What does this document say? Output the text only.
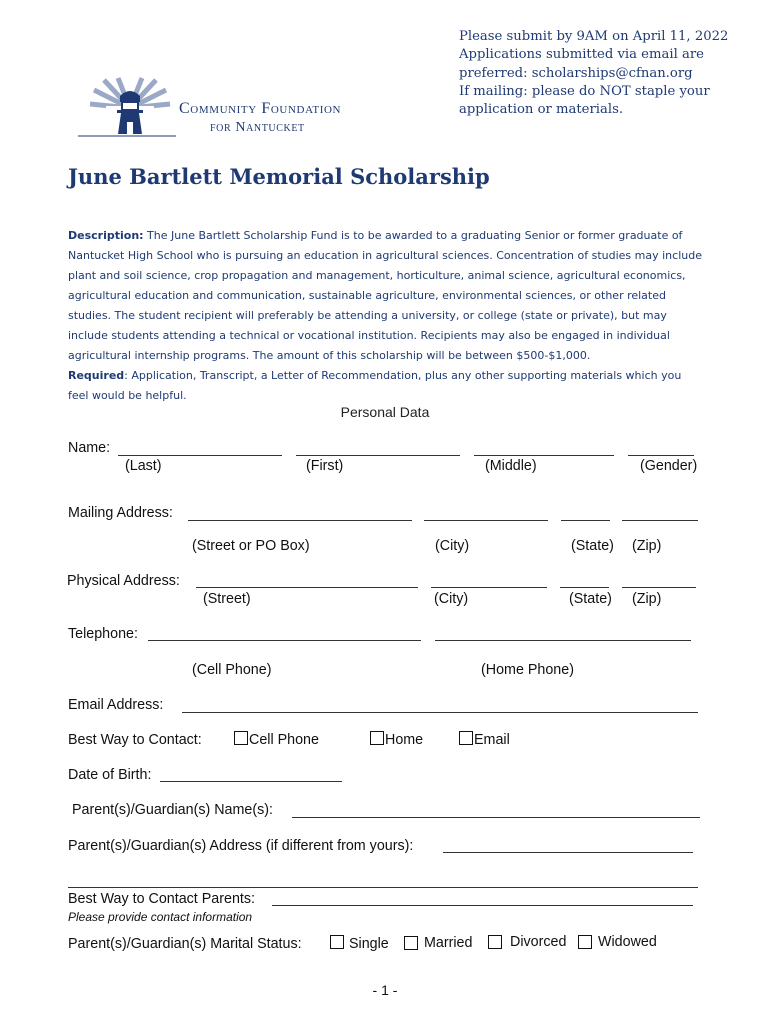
Please submit by 9AM on April 11, 2022
Applications submitted via email are
preferred: scholarships@cfnan.org
If mailing: please do NOT staple your
application or materials.
Community Foundation
for Nantucket
June Bartlett Memorial Scholarship
Description: The June Bartlett Scholarship Fund is to be awarded to a graduating Senior or former graduate of Nantucket High School who is pursuing an education in agricultural sciences. Concentration of studies may include plant and soil science, crop propagation and management, horticulture, animal science, agricultural economics, agricultural education and communication, sustainable agriculture, environmental sciences, or other related studies. The student recipient will preferably be attending a university, or college (state or private), but may include students attending a technical or vocational institution. Recipients may also be engaged in individual agricultural internship programs. The amount of this scholarship will be between $500-$1,000.
Required: Application, Transcript, a Letter of Recommendation, plus any other supporting materials which you feel would be helpful.
Personal Data
Name:
(Last)	(First)	(Middle)	(Gender)
Mailing Address:
(Street or PO Box)	(City)	(State) (Zip)
Physical Address:
(Street)	(City)	(State) (Zip)
Telephone:
(Cell Phone)	(Home Phone)
Email Address:
Best Way to Contact:	Cell Phone	Home	Email
Date of Birth:
Parent(s)/Guardian(s) Name(s):
Parent(s)/Guardian(s) Address (if different from yours):
Best Way to Contact Parents:
Please provide contact information
Parent(s)/Guardian(s) Marital Status:	Single Married	Divorced Widowed
- 1 -
